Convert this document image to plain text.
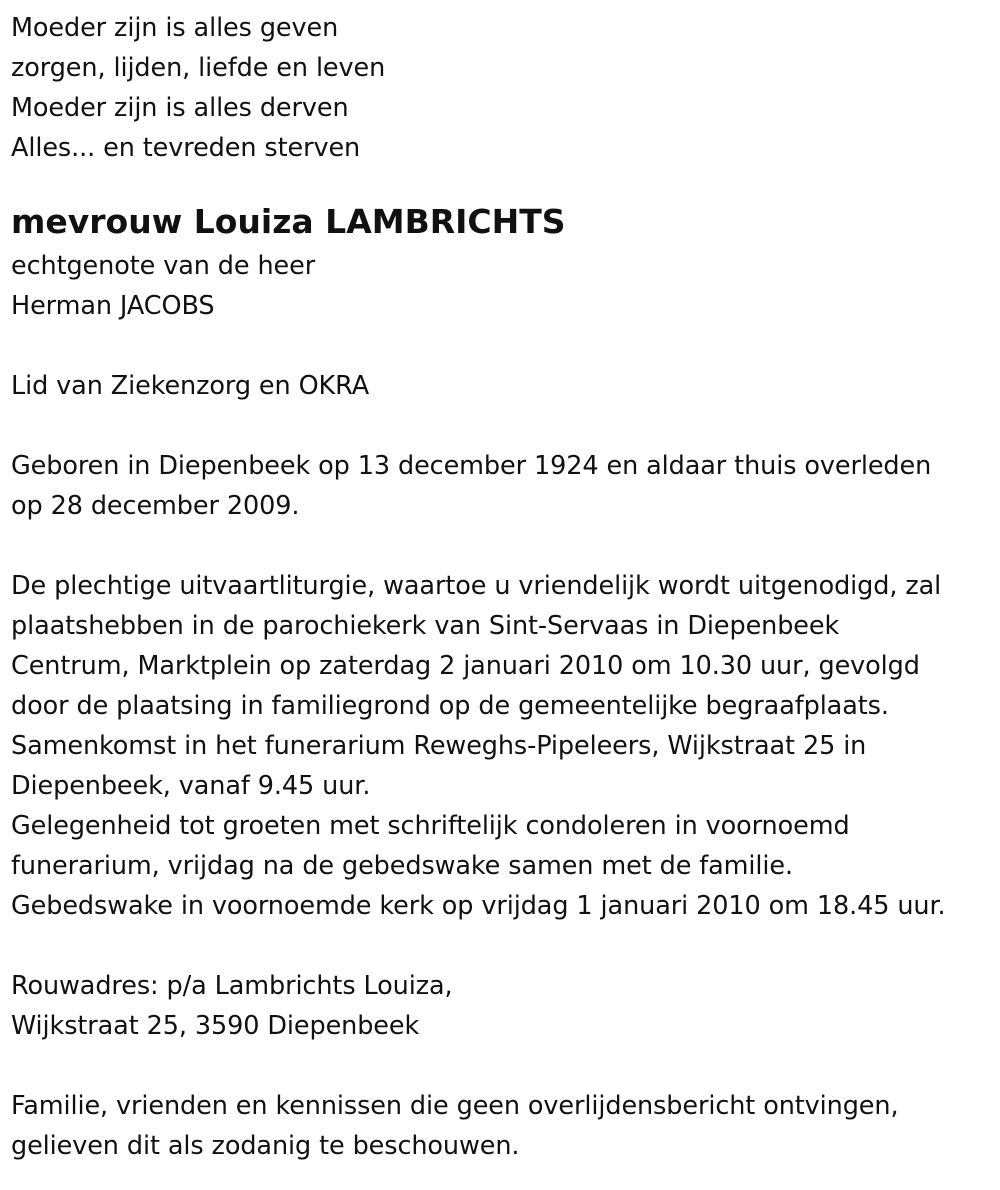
Moeder zijn is alles geven
zorgen, lijden, liefde en leven
Moeder zijn is alles derven
Alles... en tevreden sterven
mevrouw Louiza LAMBRICHTS
echtgenote van de heer
Herman JACOBS
Lid van Ziekenzorg en OKRA
Geboren in Diepenbeek op 13 december 1924 en aldaar thuis overleden
op 28 december 2009.
De plechtige uitvaartliturgie, waartoe u vriendelijk wordt uitgenodigd, zal
plaatshebben in de parochiekerk van Sint-Servaas in Diepenbeek
Centrum, Marktplein op zaterdag 2 januari 2010 om 10.30 uur, gevolgd
door de plaatsing in familiegrond op de gemeentelijke begraafplaats.
Samenkomst in het funerarium Reweghs-Pipeleers, Wijkstraat 25 in
Diepenbeek, vanaf 9.45 uur.
Gelegenheid tot groeten met schriftelijk condoleren in voornoemd
funerarium, vrijdag na de gebedswake samen met de familie.
Gebedswake in voornoemde kerk op vrijdag 1 januari 2010 om 18.45 uur.
Rouwadres: p/a Lambrichts Louiza,
Wijkstraat 25, 3590 Diepenbeek
Familie, vrienden en kennissen die geen overlijdensbericht ontvingen,
gelieven dit als zodanig te beschouwen.
